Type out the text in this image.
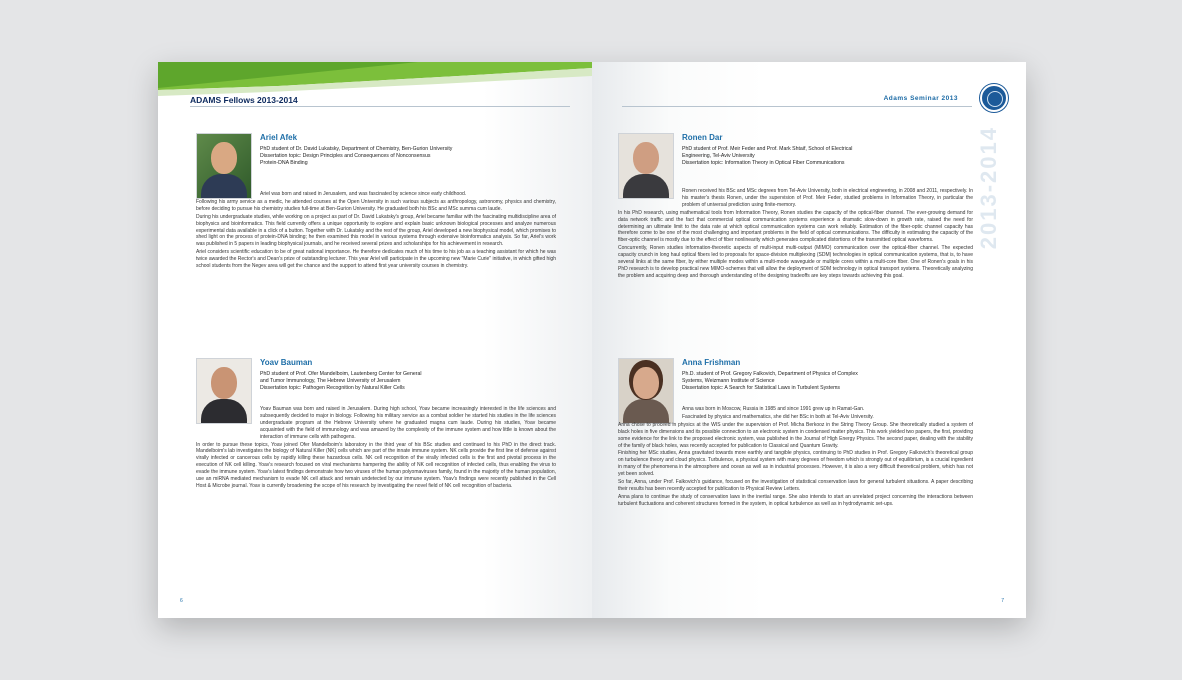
ADAMS Fellows 2013-2014
Ariel Afek
PhD student of Dr. David Lukatsky, Department of Chemistry, Ben-Gurion University
Dissertation topic: Design Principles and Consequences of Nonconsensus
Protein-DNA Binding

Ariel was born and raised in Jerusalem, and was fascinated by science since early childhood.

Following his army service as a medic, he attended courses at the Open University in such various subjects as anthropology, astronomy, physics and chemistry, before deciding to pursue his chemistry studies full-time at Ben-Gurion University. He graduated both his BSc and MSc summa cum laude.

During his undergraduate studies, while working on a project as part of Dr. David Lukatsky's group, Ariel became familiar with the fascinating multidiscipline area of biophysics and bioinformatics. This field currently offers a unique opportunity to explore and explain basic unknown biological processes and analyze numerous experimental data available in a click of a button. Together with Dr. Lukatsky and the rest of the group, Ariel developed a new biophysical model, which promises to shed light on the process of protein-DNA binding; he then examined this model in various systems through extensive bioinformatics analysis. So far, Ariel's work was published in 5 papers in leading biophysical journals, and he received several prizes and scholarships for his achievement in research.

Ariel considers scientific education to be of great national importance. He therefore dedicates much of his time to his job as a teaching assistant for which he was twice awarded the Rector's and Dean's prize of outstanding lecturer. This year Ariel will participate in the upcoming new "Marie Curie" initiative, in which gifted high school students from the Negev area will get the chance and the support to attend first year university courses in chemistry.

Yoav Bauman
PhD student of Prof. Ofer Mandelboim, Lautenberg Center for General
and Tumor Immunology, The Hebrew University of Jerusalem
Dissertation topic: Pathogen Recognition by Natural Killer Cells

Yoav Bauman was born and raised in Jerusalem. During high school, Yoav became increasingly interested in the life sciences and subsequently decided to major in biology. Following his military service as a combat soldier he started his studies in the life sciences undergraduate program at the Hebrew University where he graduated magna cum laude. During his studies, Yoav became acquainted with the field of immunology and was amazed by the complexity of the immune system and how little is known about the interaction of immune cells with pathogens.

In order to pursue these topics, Yoav joined Ofer Mandelboim's laboratory in the third year of his BSc studies and continued to his PhD in the direct track. Mandelboim's lab investigates the biology of Natural Killer (NK) cells which are part of the innate immune system. NK cells provide the first line of defense against virally infected or cancerous cells by rapidly killing these hazardous cells. NK cell recognition of the virally infected cells is the first and pivotal process in the execution of NK cell killing. Yoav's research focused on viral mechanisms hampering the ability of NK cell recognition of infected cells, thus enabling the virus to evade the immune system. Yoav's latest findings demonstrate how two viruses of the human polyomaviruses family, found in the majority of the human population, use an miRNA mediated mechanism to evade NK cell attack and remain undetected by our immune system. Yoav's findings were recently published in the Cell Host & Microbe journal. Yoav is currently broadening the scope of his research by investigating the novel field of NK cell recognition of bacteria.

6
Adams Seminar 2013
2013-2014
Ronen Dar
PhD student of Prof. Meir Feder and Prof. Mark Shtaif, School of Electrical
Engineering, Tel-Aviv University
Dissertation topic: Information Theory in Optical Fiber Communications

Ronen received his BSc and MSc degrees from Tel-Aviv University, both in electrical engineering, in 2008 and 2011, respectively. In his master's thesis Ronen, under the supervision of Prof. Meir Feder, studied problems in Information Theory, in particular the problem of universal prediction using finite-memory.

In his PhD research, using mathematical tools from Information Theory, Ronen studies the capacity of the optical-fiber channel. The ever-growing demand for data network traffic and the fact that commercial optical communication systems experience a dramatic slow-down in growth rate, raised the need for determining an ultimate limit to the data rate at which optical communication systems can work reliably. Estimation of the fiber-optic channel capacity has therefore come to be one of the most challenging and important problems in the field of optical communications. The difficulty in estimating the capacity of the fiber-optic channel is mostly due to the effect of fiber nonlinearity which generates complicated distortions of the transmitted optical waveforms.

Concurrently, Ronen studies information-theoretic aspects of multi-input multi-output (MIMO) communication over the optical-fiber channel. The expected capacity crunch in long haul optical fibers led to proposals for space-division multiplexing (SDM) technologies in optical communication systems, that is, to have several links at the same fiber, by either multiple modes within a multi-mode waveguide or multiple cores within a multi-core fiber. One of Ronen's goals in his PhD research is to develop practical new MIMO-schemes that will allow the deployment of SDM technology in optical transport systems. Theoretically analyzing the problem and acquiring deep and thorough understanding of the designing tradeoffs are key steps towards achieving this goal.

Anna Frishman
Ph.D. student of Prof. Gregory Falkovich, Department of Physics of Complex
Systems, Weizmann Institute of Science
Dissertation topic: A Search for Statistical Laws in Turbulent Systems

Anna was born in Moscow, Russia in 1985 and since 1991 grew up in Ramat-Gan.

Fascinated by physics and mathematics, she did her BSc in both at Tel-Aviv University.

Anna chose to proceed in physics at the WIS under the supervision of Prof. Micha Berkooz in the String Theory Group. She theoretically studied a system of black holes in five dimensions and its possible connection to an electronic system in condensed matter physics. This work yielded two papers, the first, providing some evidence for the link to the proposed electronic system, was published in the Journal of High Energy Physics. The second paper, dealing with the stability of the family of black holes, was recently accepted for publication to Classical and Quantum Gravity.

Finishing her MSc studies, Anna gravitated towards more earthly and tangible physics, continuing to PhD studies in Prof. Gregory Falkovich's theoretical group on turbulence theory and cloud physics. Turbulence, a physical system with many degrees of freedom which is strongly out of equilibrium, is a crucial ingredient in many of the phenomena in the atmosphere and ocean as well as in industrial processes. However, it is also a very difficult theoretical problem, which has not yet been solved.

So far, Anna, under Prof. Falkovich's guidance, focused on the investigation of statistical conservation laws for general turbulent situations. A paper describing their results has been recently accepted for publication to Physical Review Letters.

Anna plans to continue the study of conservation laws in the inertial range. She also intends to start an unrelated project concerning the interactions between turbulent fluctuations and coherent structures formed in the system, in optical turbulence as well as in hydrodynamic set-ups.

7
